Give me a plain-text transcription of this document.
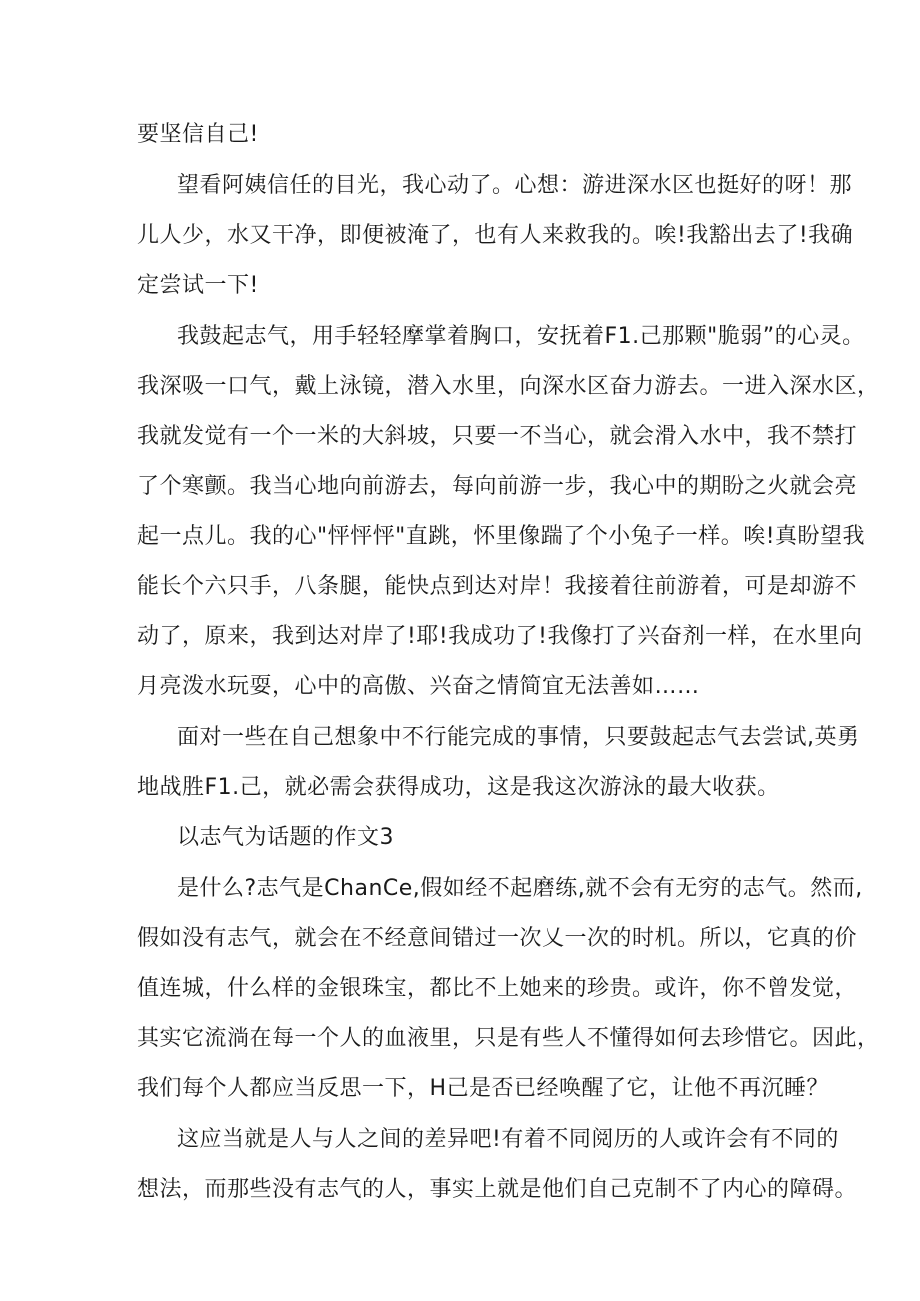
要坚信自己!
望看阿姨信任的目光，我心动了。心想：游进深水区也挺好的呀！那
儿人少，水又干净，即便被淹了，也有人来救我的。唉!我豁出去了!我确
定尝试一下!
我鼓起志气，用手轻轻摩掌着胸口，安抚着F1.己那颗"脆弱”的心灵。
我深吸一口气，戴上泳镜，潜入水里，向深水区奋力游去。一进入深水区，
我就发觉有一个一米的大斜坡，只要一不当心，就会滑入水中，我不禁打
了个寒颤。我当心地向前游去，每向前游一步，我心中的期盼之火就会亮
起一点儿。我的心"怦怦怦"直跳，怀里像踹了个小兔子一样。唉!真盼望我
能长个六只手，八条腿，能快点到达对岸！我接着往前游着，可是却游不
动了，原来，我到达对岸了!耶!我成功了!我像打了兴奋剂一样，在水里向
月亮泼水玩耍，心中的高傲、兴奋之情简宜无法善如……
面对一些在自己想象中不行能完成的事情，只要鼓起志气去尝试,英勇
地战胜F1.己，就必需会获得成功，这是我这次游泳的最大收获。
以志气为话题的作文3
是什么?志气是ChanCe,假如经不起磨练,就不会有无穷的志气。然而,
假如没有志气，就会在不经意间错过一次乂一次的时机。所以，它真的价
值连城，什么样的金银珠宝，都比不上她来的珍贵。或许，你不曾发觉，
其实它流淌在每一个人的血液里，只是有些人不懂得如何去珍惜它。因此，
我们每个人都应当反思一下，H己是否已经唤醒了它，让他不再沉睡？
这应当就是人与人之间的差异吧!有着不同阅历的人或许会有不同的
想法，而那些没有志气的人，事实上就是他们自己克制不了内心的障碍。
